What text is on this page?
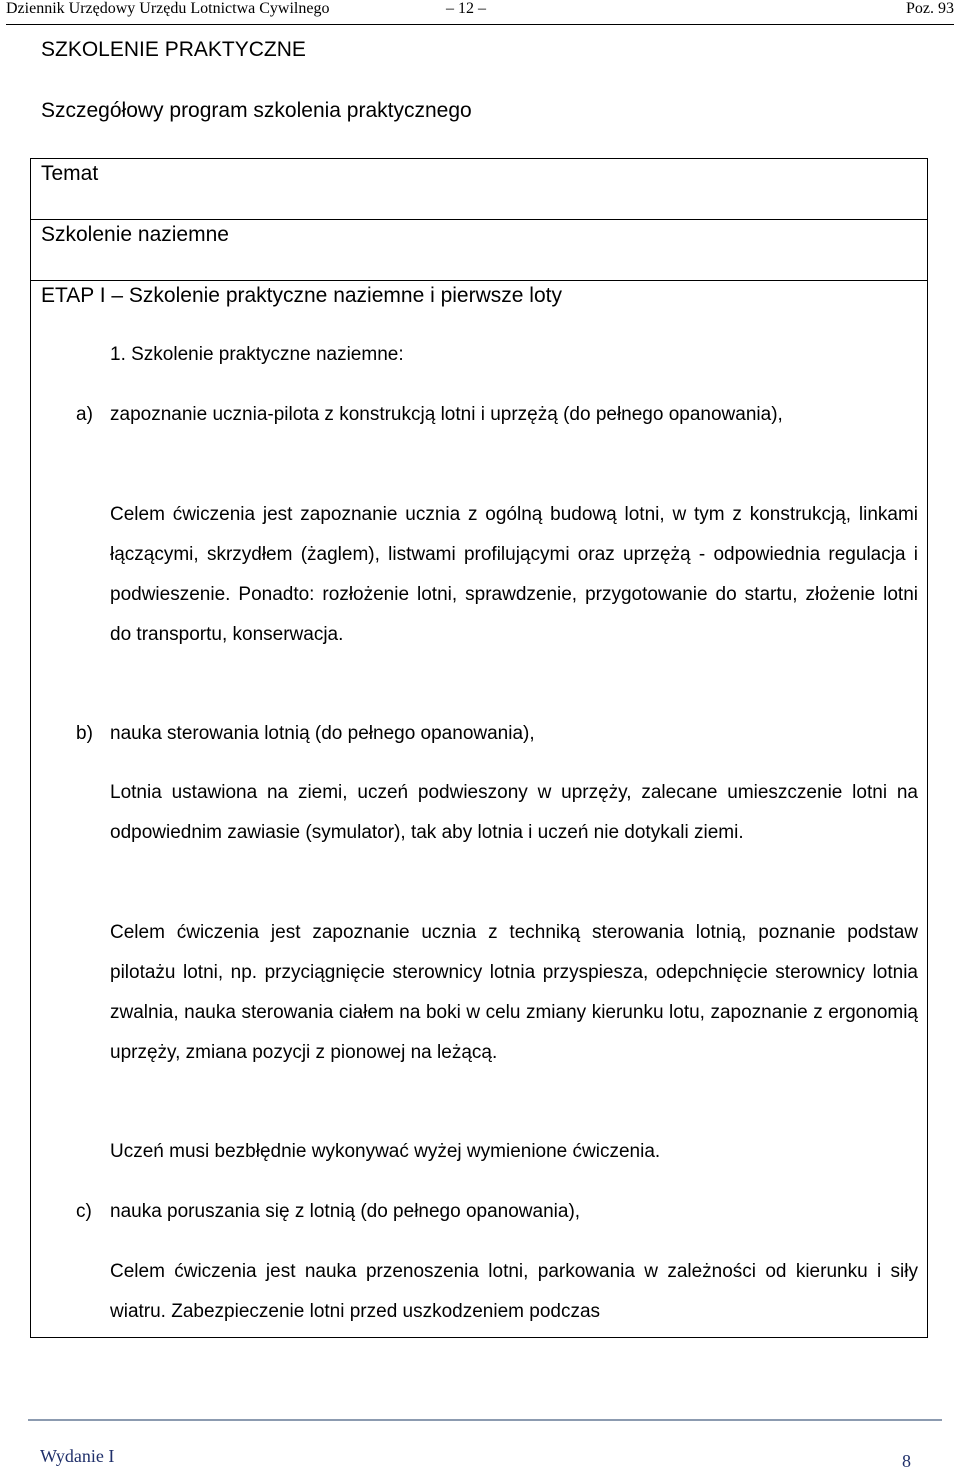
Dziennik Urzędowy Urzędu Lotnictwa Cywilnego	– 12 –	Poz. 93
SZKOLENIE PRAKTYCZNE
Szczegółowy program szkolenia praktycznego
Temat
Szkolenie naziemne
ETAP I – Szkolenie praktyczne naziemne i pierwsze loty
1. Szkolenie praktyczne naziemne:
a) zapoznanie ucznia-pilota z konstrukcją lotni i uprzężą (do pełnego opanowania),
Celem ćwiczenia jest zapoznanie ucznia z ogólną budową lotni, w tym z konstrukcją, linkami łączącymi, skrzydłem (żaglem), listwami profilującymi oraz uprzężą - odpowiednia regulacja i podwieszenie. Ponadto: rozłożenie lotni, sprawdzenie, przygotowanie do startu, złożenie lotni do transportu, konserwacja.
b) nauka sterowania lotnią (do pełnego opanowania),
Lotnia ustawiona na ziemi, uczeń podwieszony w uprzęży, zalecane umieszczenie lotni na odpowiednim zawiasie (symulator), tak aby lotnia i uczeń nie dotykali ziemi.
Celem ćwiczenia jest zapoznanie ucznia z techniką sterowania lotnią, poznanie podstaw pilotażu lotni, np. przyciągnięcie sterownicy lotnia przyspiesza, odepchnięcie sterownicy lotnia zwalnia, nauka sterowania ciałem na boki w celu zmiany kierunku lotu, zapoznanie z ergonomią uprzęży, zmiana pozycji z pionowej na leżącą.
Uczeń musi bezbłędnie wykonywać wyżej wymienione ćwiczenia.
c) nauka poruszania się z lotnią (do pełnego opanowania),
Celem ćwiczenia jest nauka przenoszenia lotni, parkowania w zależności od kierunku i siły wiatru. Zabezpieczenie lotni przed uszkodzeniem podczas
Wydanie I	8
